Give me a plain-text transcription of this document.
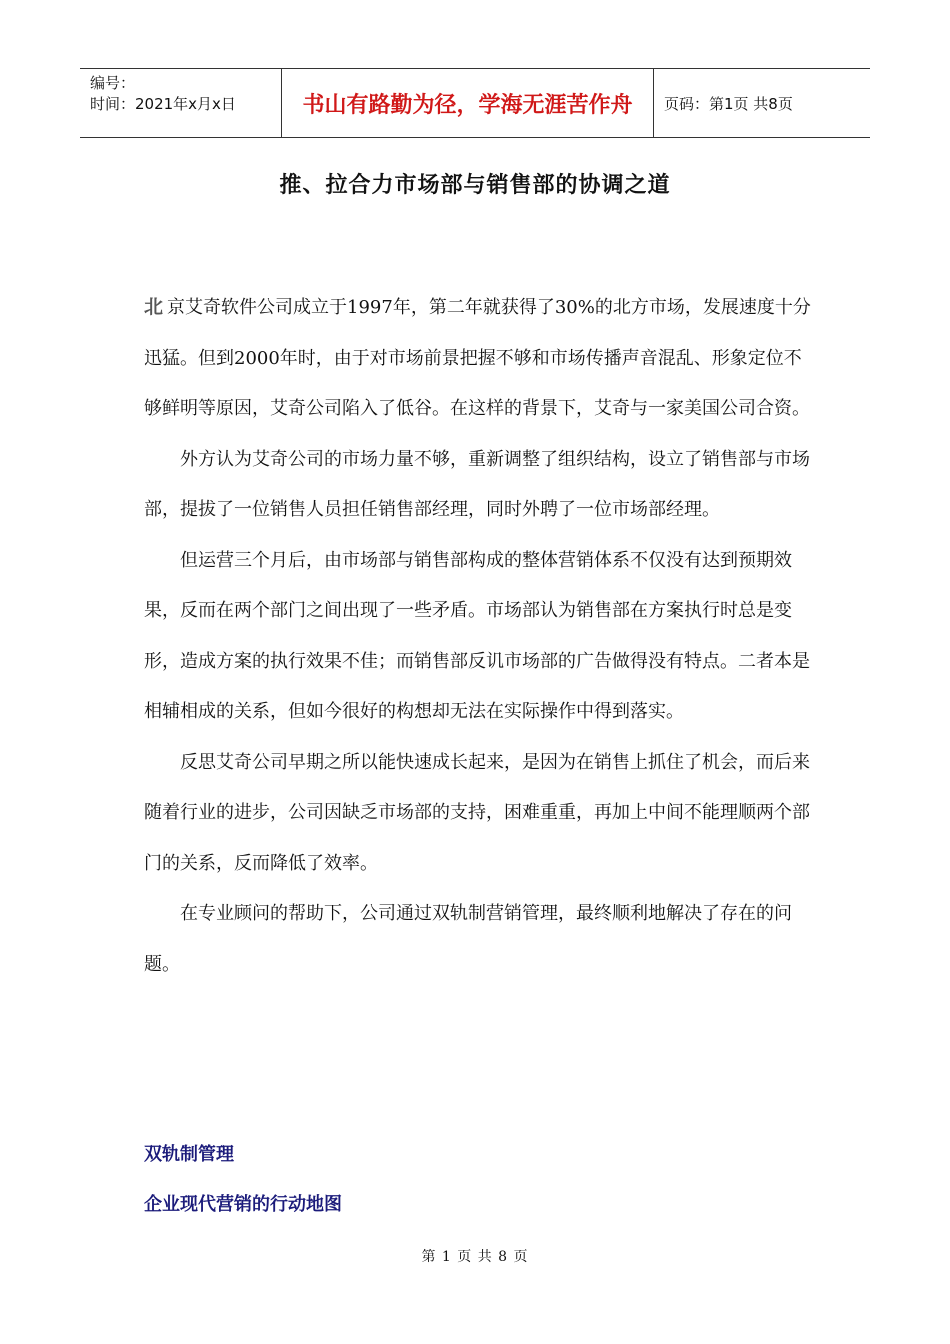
编号：
时间：2021年x月x日	书山有路勤为径，学海无涯苦作舟	页码：第1页 共8页
推、拉合力市场部与销售部的协调之道

北 京艾奇软件公司成立于1997年，第二年就获得了30%的北方市场，发展速度十分迅猛。但到2000年时，由于对市场前景把握不够和市场传播声音混乱、形象定位不够鲜明等原因，艾奇公司陷入了低谷。在这样的背景下，艾奇与一家美国公司合资。

外方认为艾奇公司的市场力量不够，重新调整了组织结构，设立了销售部与市场部，提拔了一位销售人员担任销售部经理，同时外聘了一位市场部经理。

但运营三个月后，由市场部与销售部构成的整体营销体系不仅没有达到预期效果，反而在两个部门之间出现了一些矛盾。市场部认为销售部在方案执行时总是变形，造成方案的执行效果不佳；而销售部反讥市场部的广告做得没有特点。二者本是相辅相成的关系，但如今很好的构想却无法在实际操作中得到落实。

反思艾奇公司早期之所以能快速成长起来，是因为在销售上抓住了机会，而后来随着行业的进步，公司因缺乏市场部的支持，困难重重，再加上中间不能理顺两个部门的关系，反而降低了效率。

在专业顾问的帮助下，公司通过双轨制营销管理，最终顺利地解决了存在的问题。

双轨制管理
企业现代营销的行动地图
第 1 页 共 8 页
